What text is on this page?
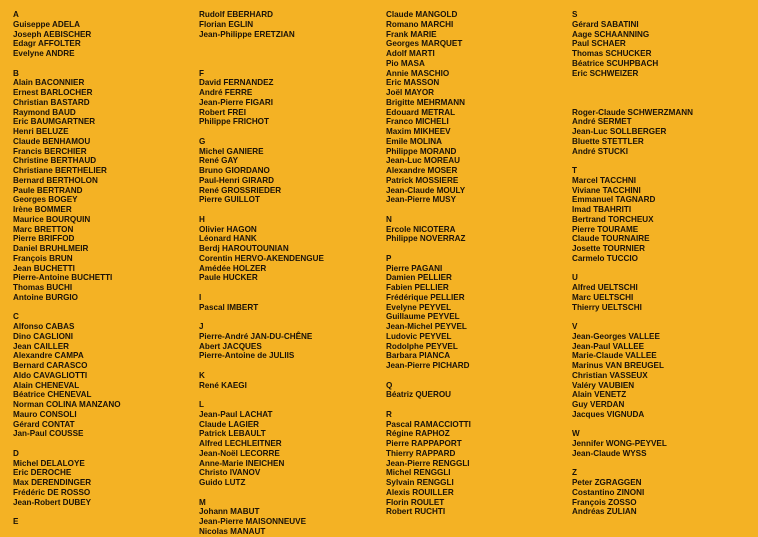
A
Guiseppe ADELA
Joseph AEBISCHER
Edagr AFFOLTER
Evelyne ANDRE
B
Alain BACONNIER
Ernest BARLOCHER
Christian BASTARD
Raymond BAUD
Eric BAUMGARTNER
Henri BELUZE
Claude BENHAMOU
Francis BERCHIER
Christine BERTHAUD
Christiane BERTHELIER
Bernard BERTHOLON
Paule BERTRAND
Georges BOGEY
Irène BOMMER
Maurice BOURQUIN
Marc BRETTON
Pierre BRIFFOD
Daniel BRUHLMEIR
François BRUN
Jean BUCHETTI
Pierre-Antoine BUCHETTI
Thomas BUCHI
Antoine BURGIO
C
Alfonso CABAS
Dino CAGLIONI
Jean CAILLER
Alexandre CAMPA
Bernard CARASCO
Aldo CAVAGLIOTTI
Alain CHENEVAL
Béatrice CHENEVAL
Norman COLINA MANZANO
Mauro CONSOLI
Gérard CONTAT
Jan-Paul COUSSE
D
Michel DELALOYE
Eric DEROCHE
Max DERENDINGER
Frédéric DE ROSSO
Jean-Robert DUBEY
E
Rudolf EBERHARD
Florian EGLIN
Jean-Philippe ERETZIAN
F
David FERNANDEZ
André FERRE
Jean-Pierre FIGARI
Robert FREI
Philippe FRICHOT
G
Michel GANIERE
René GAY
Bruno GIORDANO
Paul-Henri GIRARD
René GROSSRIEDER
Pierre GUILLOT
H
Olivier HAGON
Léonard HANK
Berdj HAROUTOUNIAN
Corentin HERVO-AKENDENGUE
Amédée HOLZER
Paule HUCKER
I
Pascal IMBERT
J
Pierre-André JAN-DU-CHÊNE
Abert JACQUES
Pierre-Antoine de JULIIS
K
René KAEGI
L
Jean-Paul LACHAT
Claude LAGIER
Patrick LEBAULT
Alfred LECHLEITNER
Jean-Noël LECORRE
Anne-Marie INEICHEN
Christo IVANOV
Guido LUTZ
M
Johann MABUT
Jean-Pierre MAISONNEUVE
Nicolas MANAUT
Claude MANGOLD
Romano MARCHI
Frank MARIE
Georges MARQUET
Adolf MARTI
Pio MASA
Annie MASCHIO
Eric MASSON
Joël MAYOR
Brigitte MEHRMANN
Edouard METRAL
Franco MICHELI
Maxim MIKHEEV
Emile MOLINA
Philippe MORAND
Jean-Luc MOREAU
Alexandre MOSER
Patrick MOSSIERE
Jean-Claude MOULY
Jean-Pierre MUSY
N
Ercole NICOTERA
Philippe NOVERRAZ
P
Pierre PAGANI
Damien PELLIER
Fabien PELLIER
Frédérique PELLIER
Evelyne PEYVEL
Guillaume PEYVEL
Jean-Michel PEYVEL
Ludovic PEYVEL
Rodolphe PEYVEL
Barbara PIANCA
Jean-Pierre PICHARD
Q
Béatriz QUEROU
R
Pascal RAMACCIOTTI
Régine RAPHOZ
Pierre RAPPAPORT
Thierry RAPPARD
Jean-Pierre RENGGLI
Michel RENGGLI
Sylvain RENGGLI
Alexis ROUILLER
Florin ROULET
Robert RUCHTI
S
Gérard SABATINI
Aage SCHAANNING
Paul SCHAER
Thomas SCHUCKER
Béatrice SCUHPBACH
Eric SCHWEIZER
Roger-Claude SCHWERZMANN
André SERMET
Jean-Luc SOLLBERGER
Bluette STETTLER
André STUCKI
T
Marcel TACCHNI
Viviane TACCHINI
Emmanuel TAGNARD
Imad TBAHRITI
Bertrand TORCHEUX
Pierre TOURAME
Claude TOURNAIRE
Josette TOURNIER
Carmelo TUCCIO
U
Alfred UELTSCHI
Marc UELTSCHI
Thierry UELTSCHI
V
Jean-Georges VALLEE
Jean-Paul VALLEE
Marie-Claude VALLEE
Marinus VAN BREUGEL
Christian VASSEUX
Valéry VAUBIEN
Alain VENETZ
Guy VERDAN
Jacques VIGNUDA
W
Jennifer WONG-PEYVEL
Jean-Claude WYSS
Z
Peter ZGRAGGEN
Costantino ZINONI
François ZOSSO
Andréas ZULIAN
